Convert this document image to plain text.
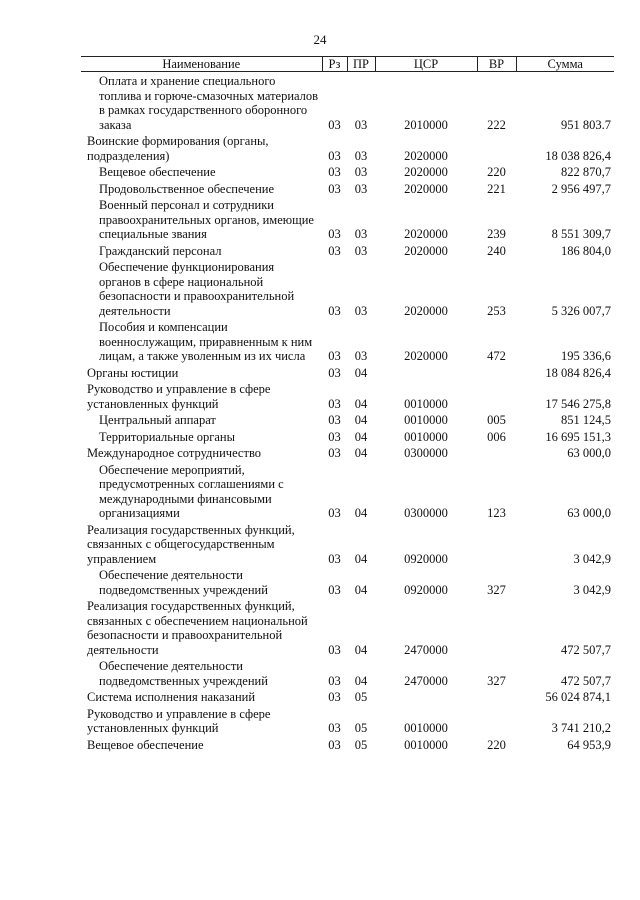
24
Наименование	Рз	ПР	ЦСР	ВР	Сумма
Оплата и хранение специального топлива и горюче-смазочных материалов в рамках государственного оборонного заказа	03	03	2010000	222	951 803.7
Воинские формирования (органы, подразделения)	03	03	2020000		18 038 826,4
Вещевое обеспечение	03	03	2020000	220	822 870,7
Продовольственное обеспечение	03	03	2020000	221	2 956 497,7
Военный персонал и сотрудники правоохранительных органов, имеющие специальные звания	03	03	2020000	239	8 551 309,7
Гражданский персонал	03	03	2020000	240	186 804,0
Обеспечение функционирования органов в сфере национальной безопасности и правоохранительной деятельности	03	03	2020000	253	5 326 007,7
Пособия и компенсации военнослужащим, приравненным к ним лицам, а также уволенным из их числа	03	03	2020000	472	195 336,6
Органы юстиции	03	04			18 084 826,4
Руководство и управление в сфере установленных функций	03	04	0010000		17 546 275,8
Центральный аппарат	03	04	0010000	005	851 124,5
Территориальные органы	03	04	0010000	006	16 695 151,3
Международное сотрудничество	03	04	0300000		63 000,0
Обеспечение мероприятий, предусмотренных соглашениями с международными финансовыми организациями	03	04	0300000	123	63 000,0
Реализация государственных функций, связанных с общегосударственным управлением	03	04	0920000		3 042,9
Обеспечение деятельности подведомственных учреждений	03	04	0920000	327	3 042,9
Реализация государственных функций, связанных с обеспечением национальной безопасности и правоохранительной деятельности	03	04	2470000		472 507,7
Обеспечение деятельности подведомственных учреждений	03	04	2470000	327	472 507,7
Система исполнения наказаний	03	05			56 024 874,1
Руководство и управление в сфере установленных функций	03	05	0010000		3 741 210,2
Вещевое обеспечение	03	05	0010000	220	64 953,9
